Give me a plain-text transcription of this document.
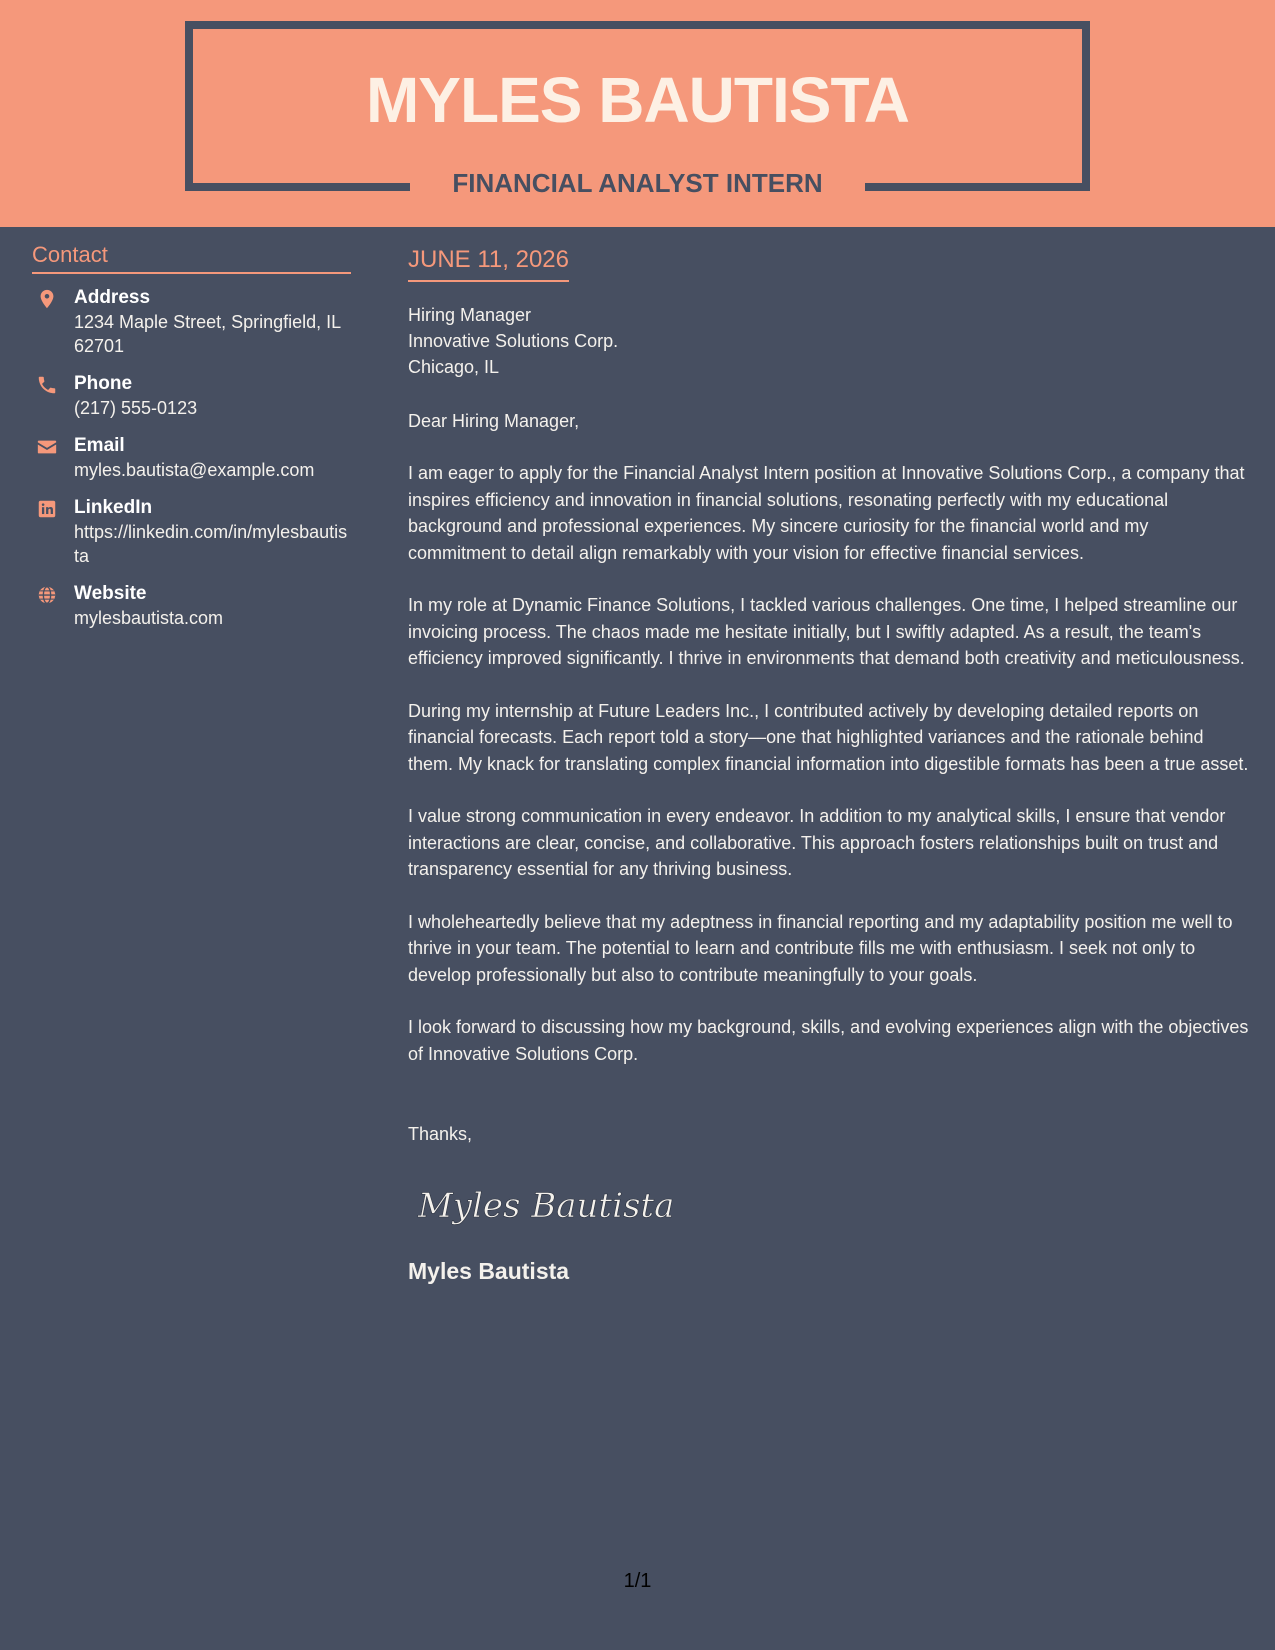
MYLES BAUTISTA
FINANCIAL ANALYST INTERN
Contact
Address
1234 Maple Street, Springfield, IL 62701
Phone
(217) 555-0123
Email
myles.bautista@example.com
LinkedIn
https://linkedin.com/in/mylesbautista
Website
mylesbautista.com
JUNE 11, 2026
Hiring Manager
Innovative Solutions Corp.
Chicago, IL
Dear Hiring Manager,
I am eager to apply for the Financial Analyst Intern position at Innovative Solutions Corp., a company that inspires efficiency and innovation in financial solutions, resonating perfectly with my educational background and professional experiences. My sincere curiosity for the financial world and my commitment to detail align remarkably with your vision for effective financial services.
In my role at Dynamic Finance Solutions, I tackled various challenges. One time, I helped streamline our invoicing process. The chaos made me hesitate initially, but I swiftly adapted. As a result, the team's efficiency improved significantly. I thrive in environments that demand both creativity and meticulousness.
During my internship at Future Leaders Inc., I contributed actively by developing detailed reports on financial forecasts. Each report told a story—one that highlighted variances and the rationale behind them. My knack for translating complex financial information into digestible formats has been a true asset.
I value strong communication in every endeavor. In addition to my analytical skills, I ensure that vendor interactions are clear, concise, and collaborative. This approach fosters relationships built on trust and transparency essential for any thriving business.
I wholeheartedly believe that my adeptness in financial reporting and my adaptability position me well to thrive in your team. The potential to learn and contribute fills me with enthusiasm. I seek not only to develop professionally but also to contribute meaningfully to your goals.
I look forward to discussing how my background, skills, and evolving experiences align with the objectives of Innovative Solutions Corp.
Thanks,
Myles Bautista
Myles Bautista
1/1
